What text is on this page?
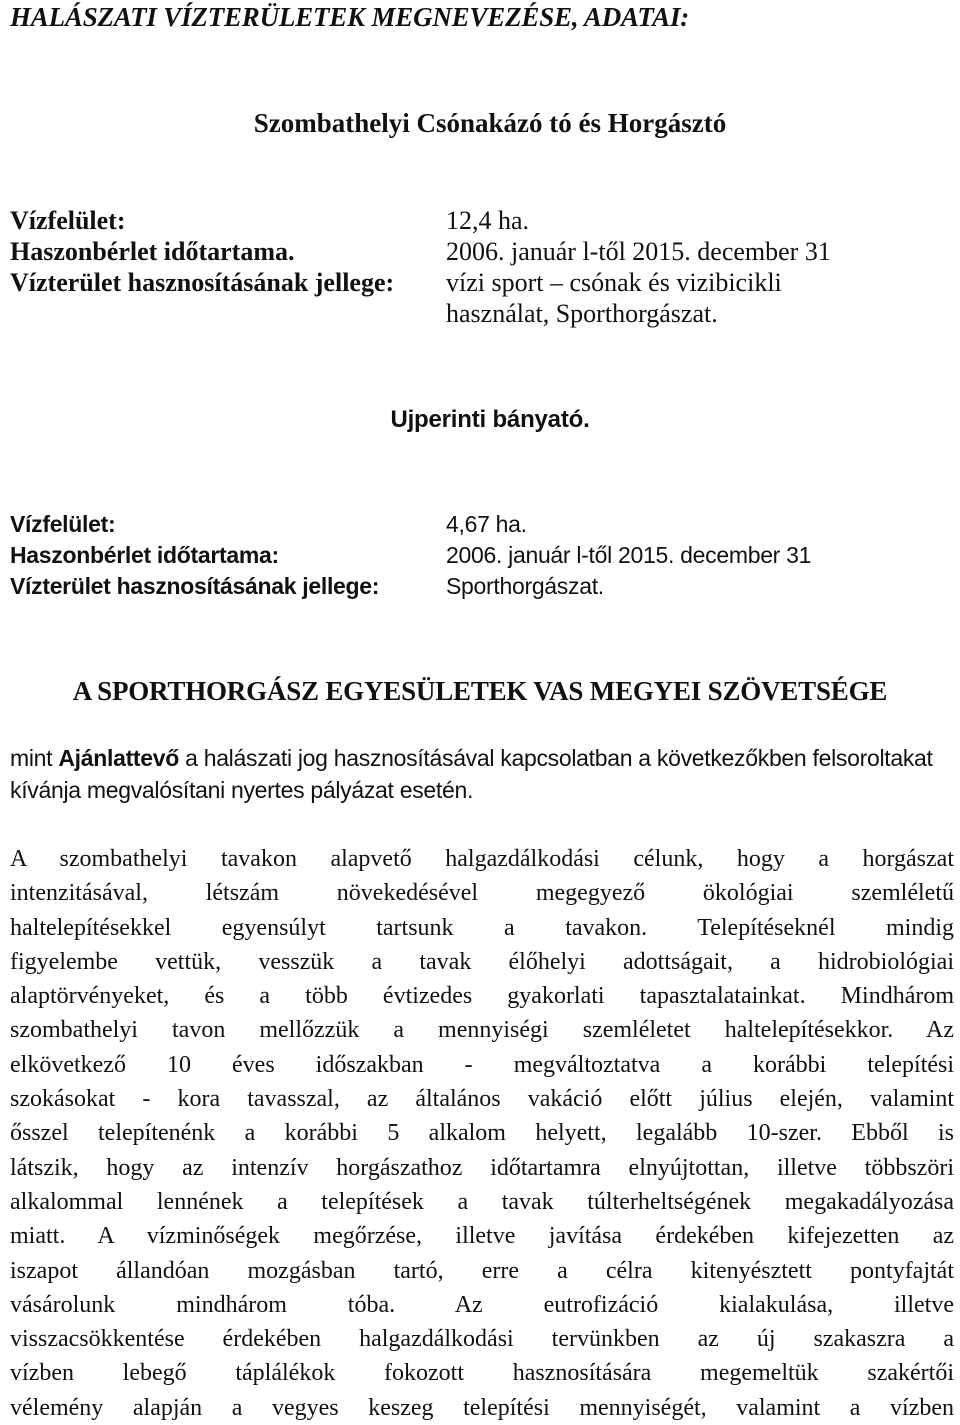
HALÁSZATI VÍZTERÜLETEK MEGNEVEZÉSE, ADATAI:
Szombathelyi Csónakázó tó és Horgásztó
Vízfelület:	12,4 ha.
Haszonbérlet időtartama.	2006. január l-től 2015. december 31
Vízterület hasznosításának jellege: vízi sport – csónak és vizibicikli
használat, Sporthorgászat.
Ujperinti bányató.
Vízfelület:	4,67 ha.
Haszonbérlet időtartama:	2006. január l-től 2015. december 31
Vízterület hasznosításának jellege:	Sporthorgászat.
A SPORTHORGÁSZ EGYESÜLETEK VAS MEGYEI SZÖVETSÉGE

mint Ajánlattevő a halászati jog hasznosításával kapcsolatban a következőkben felsoroltakat kívánja megvalósítani nyertes pályázat esetén.

A szombathelyi tavakon alapvető halgazdálkodási célunk, hogy a horgászat
intenzitásával, létszám növekedésével megegyező ökológiai szemléletű
haltelepítésekkel egyensúlyt tartsunk a tavakon. Telepítéseknél mindig
figyelembe vettük, vesszük a tavak élőhelyi adottságait, a hidrobiológiai
alaptörvényeket, és a több évtizedes gyakorlati tapasztalatainkat. Mindhárom
szombathelyi tavon mellőzzük a mennyiségi szemléletet haltelepítésekkor. Az
elkövetkező 10 éves időszakban - megváltoztatva a korábbi telepítési
szokásokat - kora tavasszal, az általános vakáció előtt július elején, valamint
ősszel telepítenénk a korábbi 5 alkalom helyett, legalább 10-szer. Ebből is
látszik, hogy az intenzív horgászathoz időtartamra elnyújtottan, illetve többszöri
alkalommal lennének a telepítések a tavak túlterheltségének megakadályozása
miatt. A vízminőségek megőrzése, illetve javítása érdekében kifejezetten az
iszapot állandóan mozgásban tartó, erre a célra kitenyésztett pontyfajtát
vásárolunk mindhárom tóba. Az eutrofizáció kialakulása, illetve
visszacsökkentése érdekében halgazdálkodási tervünkben az új szakaszra a
vízben lebegő táplálékok fokozott hasznosítására megemeltük szakértői
vélemény alapján a vegyes keszeg telepítési mennyiségét, valamint a vízben
